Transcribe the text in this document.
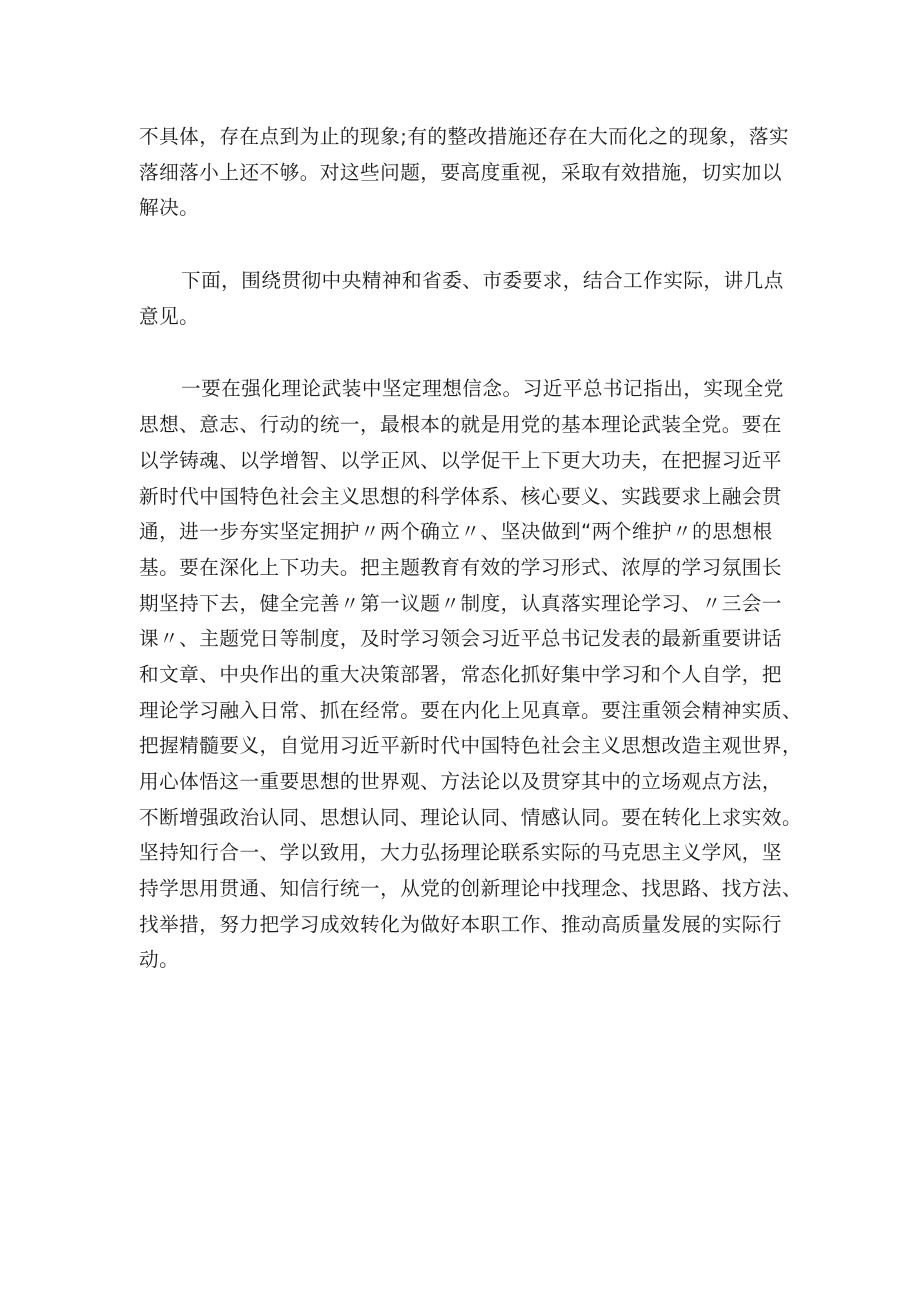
不具体，存在点到为止的现象;有的整改措施还存在大而化之的现象，落实
落细落小上还不够。对这些问题，要高度重视，采取有效措施，切实加以
解决。
下面，围绕贯彻中央精神和省委、市委要求，结合工作实际，讲几点
意见。
一要在强化理论武装中坚定理想信念。习近平总书记指出，实现全党
思想、意志、行动的统一，最根本的就是用党的基本理论武装全党。要在
以学铸魂、以学增智、以学正风、以学促干上下更大功夫，在把握习近平
新时代中国特色社会主义思想的科学体系、核心要义、实践要求上融会贯
通，进一步夯实坚定拥护〃两个确立〃、坚决做到“两个维护〃的思想根
基。要在深化上下功夫。把主题教育有效的学习形式、浓厚的学习氛围长
期坚持下去，健全完善〃第一议题〃制度，认真落实理论学习、〃三会一
课〃、主题党日等制度，及时学习领会习近平总书记发表的最新重要讲话
和文章、中央作出的重大决策部署，常态化抓好集中学习和个人自学，把
理论学习融入日常、抓在经常。要在内化上见真章。要注重领会精神实质、
把握精髓要义，自觉用习近平新时代中国特色社会主义思想改造主观世界，
用心体悟这一重要思想的世界观、方法论以及贯穿其中的立场观点方法，
不断增强政治认同、思想认同、理论认同、情感认同。要在转化上求实效。
坚持知行合一、学以致用，大力弘扬理论联系实际的马克思主义学风，坚
持学思用贯通、知信行统一，从党的创新理论中找理念、找思路、找方法、
找举措，努力把学习成效转化为做好本职工作、推动高质量发展的实际行
动。
